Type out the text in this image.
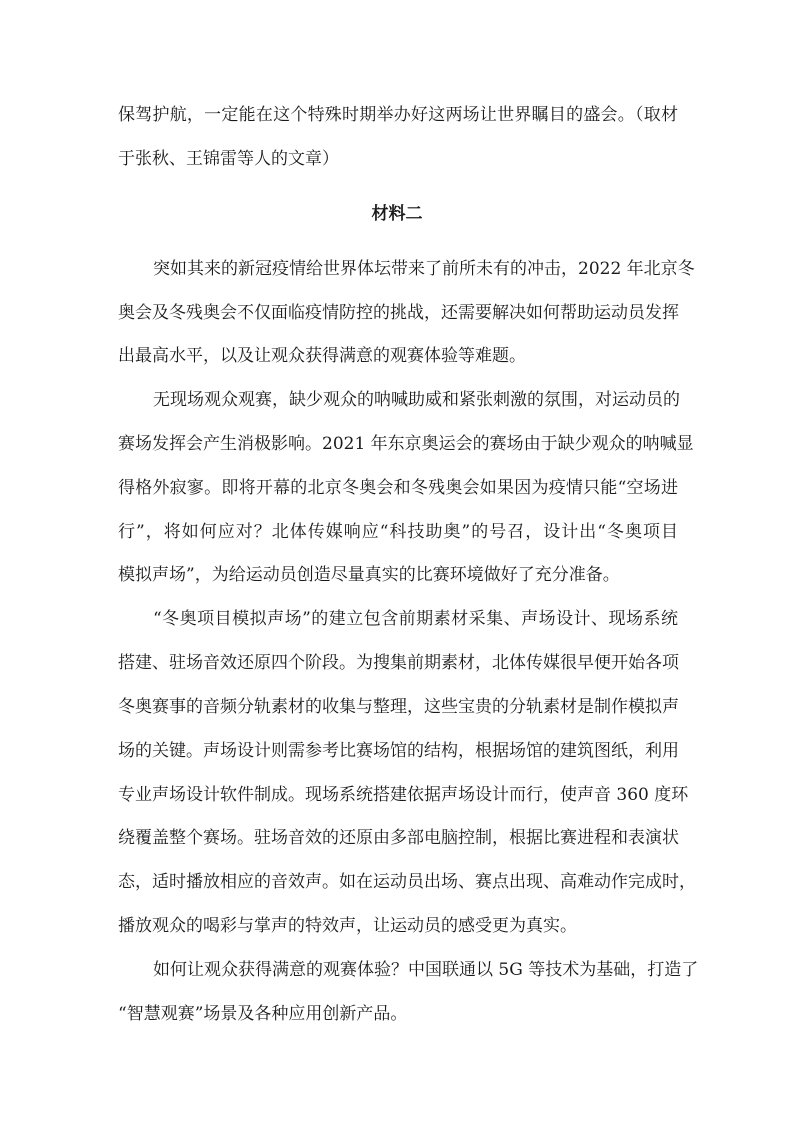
保驾护航，一定能在这个特殊时期举办好这两场让世界瞩目的盛会。（取材
于张秋、王锦雷等人的文章）
材料二
突如其来的新冠疫情给世界体坛带来了前所未有的冲击，2022 年北京冬
奥会及冬残奥会不仅面临疫情防控的挑战，还需要解决如何帮助运动员发挥
出最高水平，以及让观众获得满意的观赛体验等难题。
无现场观众观赛，缺少观众的呐喊助威和紧张刺激的氛围，对运动员的
赛场发挥会产生消极影响。2021 年东京奥运会的赛场由于缺少观众的呐喊显
得格外寂寥。即将开幕的北京冬奥会和冬残奥会如果因为疫情只能“空场进
行”，将如何应对？北体传媒响应“科技助奥”的号召，设计出“冬奥项目
模拟声场”，为给运动员创造尽量真实的比赛环境做好了充分准备。
“冬奥项目模拟声场”的建立包含前期素材采集、声场设计、现场系统
搭建、驻场音效还原四个阶段。为搜集前期素材，北体传媒很早便开始各项
冬奥赛事的音频分轨素材的收集与整理，这些宝贵的分轨素材是制作模拟声
场的关键。声场设计则需参考比赛场馆的结构，根据场馆的建筑图纸，利用
专业声场设计软件制成。现场系统搭建依据声场设计而行，使声音 360 度环
绕覆盖整个赛场。驻场音效的还原由多部电脑控制，根据比赛进程和表演状
态，适时播放相应的音效声。如在运动员出场、赛点出现、高难动作完成时，
播放观众的喝彩与掌声的特效声，让运动员的感受更为真实。
如何让观众获得满意的观赛体验？中国联通以 5G 等技术为基础，打造了
“智慧观赛”场景及各种应用创新产品。
